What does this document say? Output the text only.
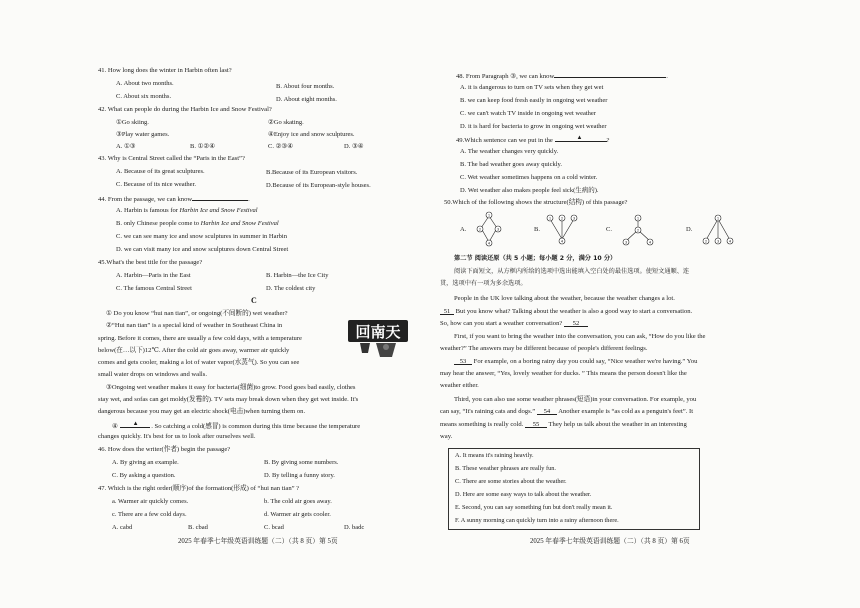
41. How long does the winter in Harbin often last?
A. About two months.	B. About four months.
C. About six months.	D. About eight months.
42. What can people do during the Harbin Ice and Snow Festival?
①Go skiing.	②Go skating.
③Play water games.	④Enjoy ice and snow sculptures.
A. ①③	B. ①②④	C. ②③④	D. ③④
43. Why is Central Street called the “Paris in the East”?
A. Because of its great sculptures.	B.Because of its European visitors.
C. Because of its nice weather.	D.Because of its European-style houses.
44. From the passage, we can know	.
A. Harbin is famous for Harbin Ice and Snow Festival
B. only Chinese people come to Harbin Ice and Snow Festival
C. we can see many ice and snow sculptures in summer in Harbin
D. we can visit many ice and snow sculptures down Central Street
45.What's the best title for the passage?
A. Harbin—Paris in the East	B. Harbin—the Ice City
C. The famous Central Street	D. The coldest city
C
① Do you know “hui nan tian”, or ongoing(不间断的) wet weather?
②“Hui nan tian” is a special kind of weather in Southeast China in
spring. Before it comes, there are usually a few cold days, with a temperature
below(在…以下)12℃. After the cold air goes away, warmer air quickly
comes and gets cooler, making a lot of water vapor(水蒸气). So you can see
small water drops on windows and walls.
回南天
③Ongoing wet weather makes it easy for bacteria(细菌)to grow. Food goes bad easily, clothes
stay wet, and sofas can get moldy(发霉的). TV sets may break down when they get wet inside. It's
dangerous because you may get an electric shock(电击)when turning them on.
④ ▲ . So catching a cold(感冒) is common during this time because the temperature
changes quickly. It's best for us to look after ourselves well.
46. How does the writer(作者) begin the passage?
A. By giving an example.	B. By giving some numbers.
C. By asking a question.	D. By telling a funny story.
47. Which is the right order(顺序)of the formation(形成) of “hui nan tian” ?
a. Warmer air quickly comes.	b. The cold air goes away.
c. There are a few cold days.	d. Warmer air gets cooler.
A. cabd	B. cbad	C. bcad	D. badc
2025 年春季七年级英语训练题（二）（共 8 页）第 5页
48. From Paragraph ③, we can know	.
A. it is dangerous to turn on TV sets when they get wet
B. we can keep food fresh easily in ongoing wet weather
C. we can't watch TV inside in ongoing wet weather
D. it is hard for bacteria to grow in ongoing wet weather
49.Which sentence can we put in the	▲	?
A. The weather changes very quickly.
B. The bad weather goes away quickly.
C. Wet weather sometimes happens on a cold winter.
D. Wet weather also makes people feel sick(生病的).
50.Which of the following shows the structure(结构) of this passage?
A.
1
2	3
4
B.
1	2	3
4
C.
1
2
3	4
D.
1
2	3	4
第二节 阅读还原（共 5 小题；每小题 2 分，满分 10 分）
阅读下面短文，从方框内所给的选项中选出能填入空白处的最佳选项。使短文通顺、连
贯，选项中有一项为多余选项。
People in the UK love talking about the weather, because the weather changes a lot.
51 But you know what? Talking about the weather is also a good way to start a conversation.
So, how can you start a weather conversation? 52
First, if you want to bring the weather into the conversation, you can ask, “How do you like the
weather?” The answers may be different because of people's different feelings.
53 For example, on a boring rainy day you could say, “Nice weather we're having.” You
may hear the answer, “Yes, lovely weather for ducks. ” This means the person doesn't like the
weather either.
Third, you can also use some weather phrases(短语)in your conversation. For example, you
can say, “It's raining cats and dogs.” 54 Another example is “as cold as a penguin's feet”. It
means something is really cold. 55 They help us talk about the weather in an interesting
way.
A. It means it's raining heavily.
B. These weather phrases are really fun.
C. There are some stories about the weather.
D. Here are some easy ways to talk about the weather.
E. Second, you can say something fun but don't really mean it.
F. A sunny morning can quickly turn into a rainy afternoon there.
2025 年春季七年级英语训练题（二）（共 8 页）第 6页
